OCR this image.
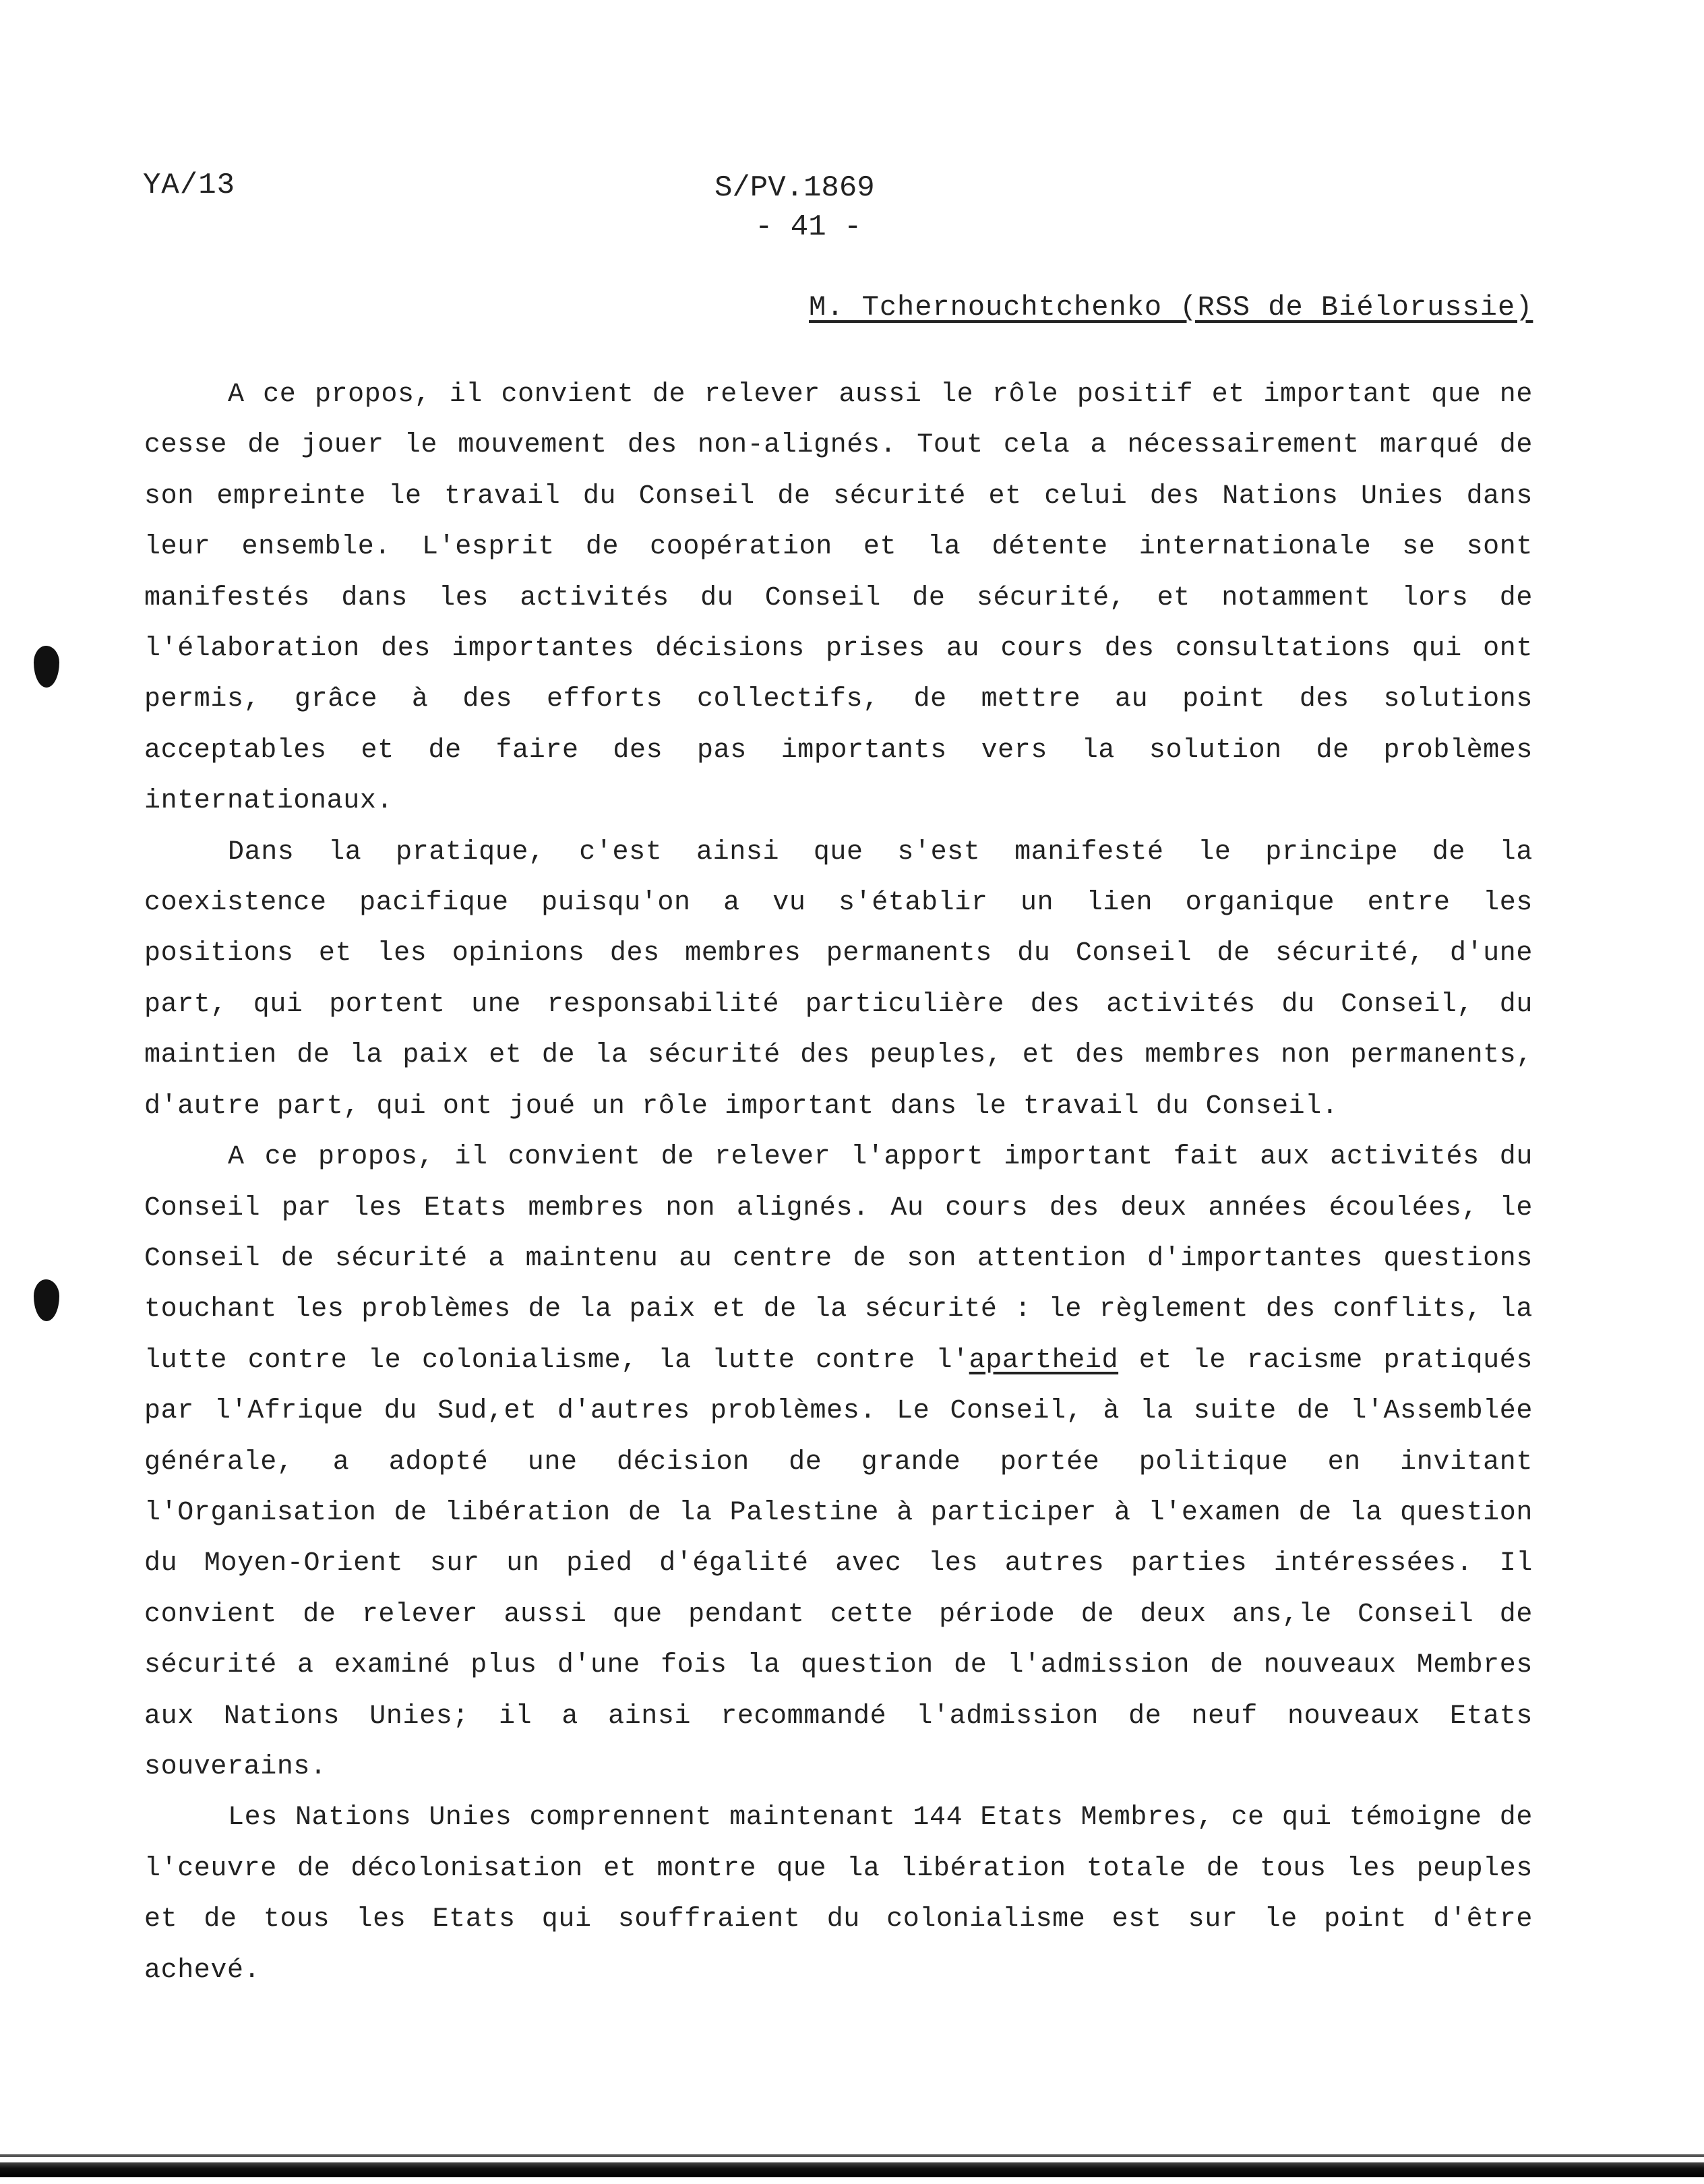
YA/13	S/PV.1869
- 41 -
M. Tchernouchtchenko (RSS de Biélorussie)

A ce propos, il convient de relever aussi le rôle positif et important que ne cesse de jouer le mouvement des non-alignés. Tout cela a nécessairement marqué de son empreinte le travail du Conseil de sécurité et celui des Nations Unies dans leur ensemble. L'esprit de coopération et la détente internationale se sont manifestés dans les activités du Conseil de sécurité, et notamment lors de l'élaboration des importantes décisions prises au cours des consultations qui ont permis, grâce à des efforts collectifs, de mettre au point des solutions acceptables et de faire des pas importants vers la solution de problèmes internationaux.

Dans la pratique, c'est ainsi que s'est manifesté le principe de la coexistence pacifique puisqu'on a vu s'établir un lien organique entre les positions et les opinions des membres permanents du Conseil de sécurité, d'une part, qui portent une responsabilité particulière des activités du Conseil, du maintien de la paix et de la sécurité des peuples, et des membres non permanents, d'autre part, qui ont joué un rôle important dans le travail du Conseil.

A ce propos, il convient de relever l'apport important fait aux activités du Conseil par les Etats membres non alignés. Au cours des deux années écoulées, le Conseil de sécurité a maintenu au centre de son attention d'importantes questions touchant les problèmes de la paix et de la sécurité : le règlement des conflits, la lutte contre le colonialisme, la lutte contre l'apartheid et le racisme pratiqués par l'Afrique du Sud,et d'autres problèmes. Le Conseil, à la suite de l'Assemblée générale, a adopté une décision de grande portée politique en invitant l'Organisation de libération de la Palestine à participer à l'examen de la question du Moyen-Orient sur un pied d'égalité avec les autres parties intéressées. Il convient de relever aussi que pendant cette période de deux ans,le Conseil de sécurité a examiné plus d'une fois la question de l'admission de nouveaux Membres aux Nations Unies; il a ainsi recommandé l'admission de neuf nouveaux Etats souverains.

Les Nations Unies comprennent maintenant 144 Etats Membres, ce qui témoigne de l'ceuvre de décolonisation et montre que la libération totale de tous les peuples et de tous les Etats qui souffraient du colonialisme est sur le point d'être achevé.
